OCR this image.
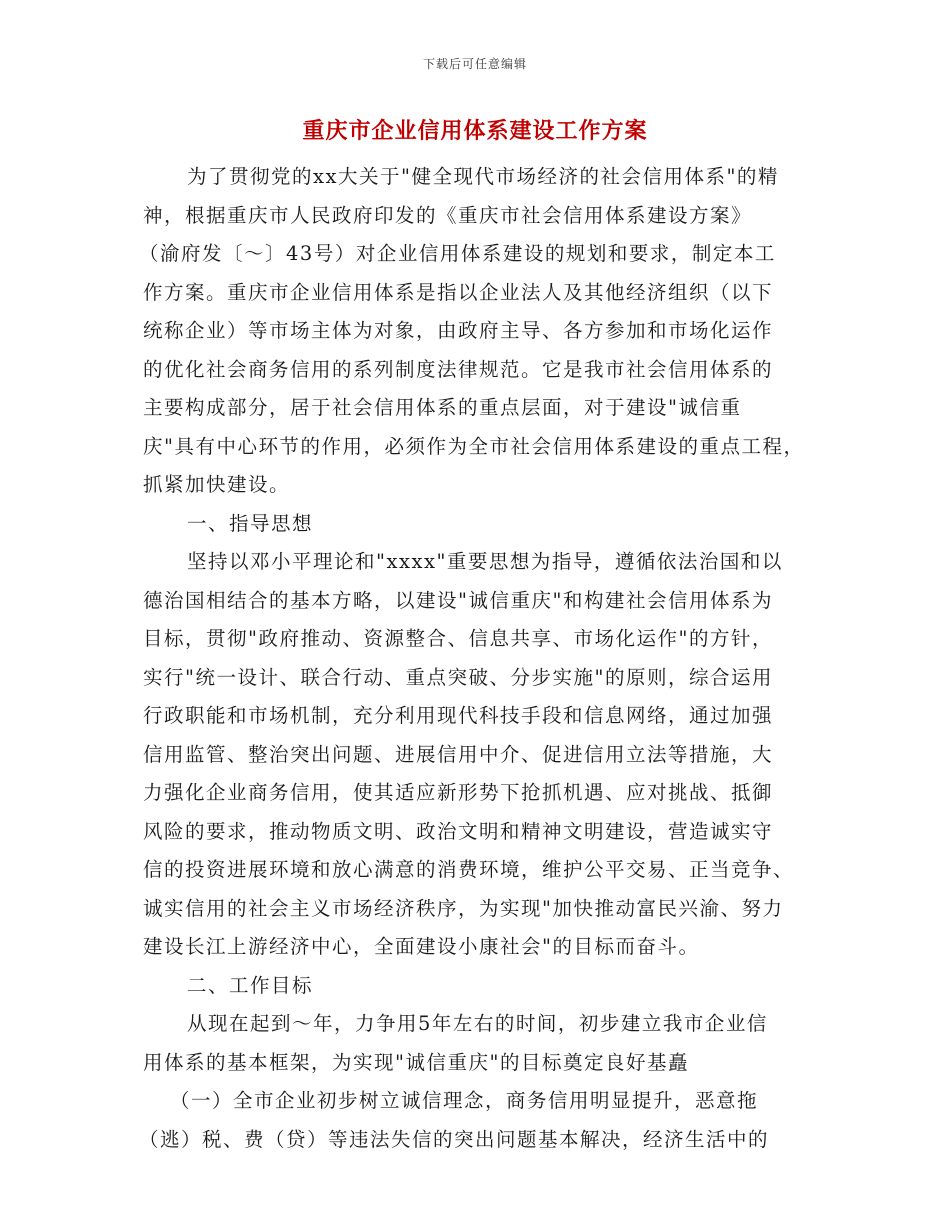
下载后可任意编辑
重庆市企业信用体系建设工作方案
为了贯彻党的xx大关于"健全现代市场经济的社会信用体系"的精
神，根据重庆市人民政府印发的《重庆市社会信用体系建设方案》
（渝府发〔～〕43号）对企业信用体系建设的规划和要求，制定本工
作方案。重庆市企业信用体系是指以企业法人及其他经济组织（以下
统称企业）等市场主体为对象，由政府主导、各方参加和市场化运作
的优化社会商务信用的系列制度法律规范。它是我市社会信用体系的
主要构成部分，居于社会信用体系的重点层面，对于建设"诚信重
庆"具有中心环节的作用，必须作为全市社会信用体系建设的重点工程，
抓紧加快建设。
一、指导思想
坚持以邓小平理论和"xxxx"重要思想为指导，遵循依法治国和以
德治国相结合的基本方略，以建设"诚信重庆"和构建社会信用体系为
目标，贯彻"政府推动、资源整合、信息共享、市场化运作"的方针，
实行"统一设计、联合行动、重点突破、分步实施"的原则，综合运用
行政职能和市场机制，充分利用现代科技手段和信息网络，通过加强
信用监管、整治突出问题、进展信用中介、促进信用立法等措施，大
力强化企业商务信用，使其适应新形势下抢抓机遇、应对挑战、抵御
风险的要求，推动物质文明、政治文明和精神文明建设，营造诚实守
信的投资进展环境和放心满意的消费环境，维护公平交易、正当竞争、
诚实信用的社会主义市场经济秩序，为实现"加快推动富民兴渝、努力
建设长江上游经济中心，全面建设小康社会"的目标而奋斗。
二、工作目标
从现在起到～年，力争用5年左右的时间，初步建立我市企业信
用体系的基本框架，为实现"诚信重庆"的目标奠定良好基矗
（一）全市企业初步树立诚信理念，商务信用明显提升，恶意拖
（逃）税、费（贷）等违法失信的突出问题基本解决，经济生活中的
